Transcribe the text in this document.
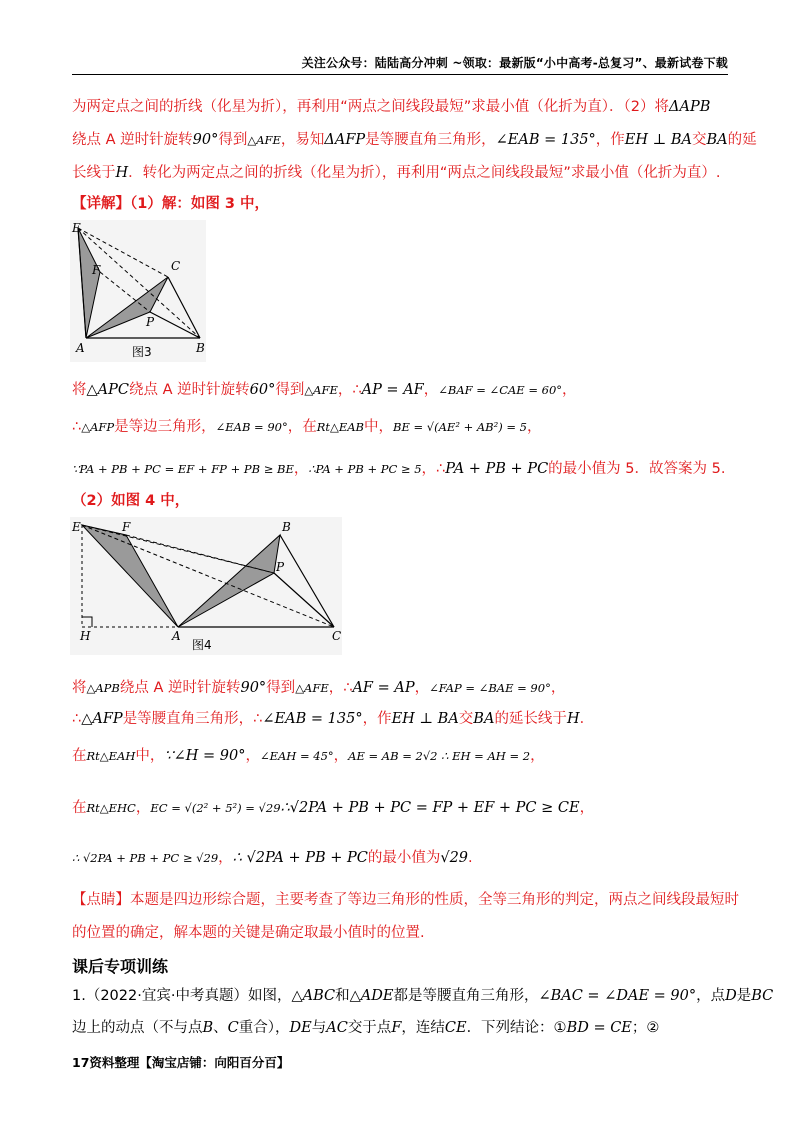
关注公众号：陆陆高分冲刺 ~领取：最新版“小中高考-总复习”、最新试卷下载
为两定点之间的折线（化星为折），再利用“两点之间线段最短”求最小值（化折为直）．（2）将ΔAPB
绕点 A 逆时针旋转90°得到△AFE，易知ΔAFP是等腰直角三角形，∠EAB = 135°，作EH ⊥ BA交BA的延
长线于H．转化为两定点之间的折线（化星为折），再利用“两点之间线段最短”求最小值（化折为直）.
【详解】（1）解：如图 3 中，
E
F	C
P
A	B
图3
将△APC绕点 A 逆时针旋转60°得到△AFE，∴AP = AF，∠BAF = ∠CAE = 60°，
∴△AFP是等边三角形，∠EAB = 90°，在Rt△EAB中，BE = √(AE² + AB²) = 5，
∵PA + PB + PC = EF + FP + PB ≥ BE，∴PA + PB + PC ≥ 5，∴PA + PB + PC的最小值为 5．故答案为 5.
（2）如图 4 中，
E	F	B
P
H	A	C
图4
将△APB绕点 A 逆时针旋转90°得到△AFE，∴AF = AP，∠FAP = ∠BAE = 90°，
∴△AFP是等腰直角三角形，∴∠EAB = 135°，作EH ⊥ BA交BA的延长线于H．
在Rt△EAH中，∵∠H = 90°，∠EAH = 45°，AE = AB = 2√2 ∴ EH = AH = 2，
在Rt△EHC，EC = √(2² + 5²) = √29∴√2PA + PB + PC = FP + EF + PC ≥ CE，
∴ √2PA + PB + PC ≥ √29，∴ √2PA + PB + PC的最小值为√29.
【点睛】本题是四边形综合题，主要考查了等边三角形的性质，全等三角形的判定，两点之间线段最短时
的位置的确定，解本题的关键是确定取最小值时的位置.
课后专项训练
1.（2022·宜宾·中考真题）如图，△ABC和△ADE都是等腰直角三角形，∠BAC = ∠DAE = 90°，点D是BC
边上的动点（不与点B、C重合），DE与AC交于点F，连结CE．下列结论：①BD = CE；②
17资料整理【淘宝店铺：向阳百分百】
